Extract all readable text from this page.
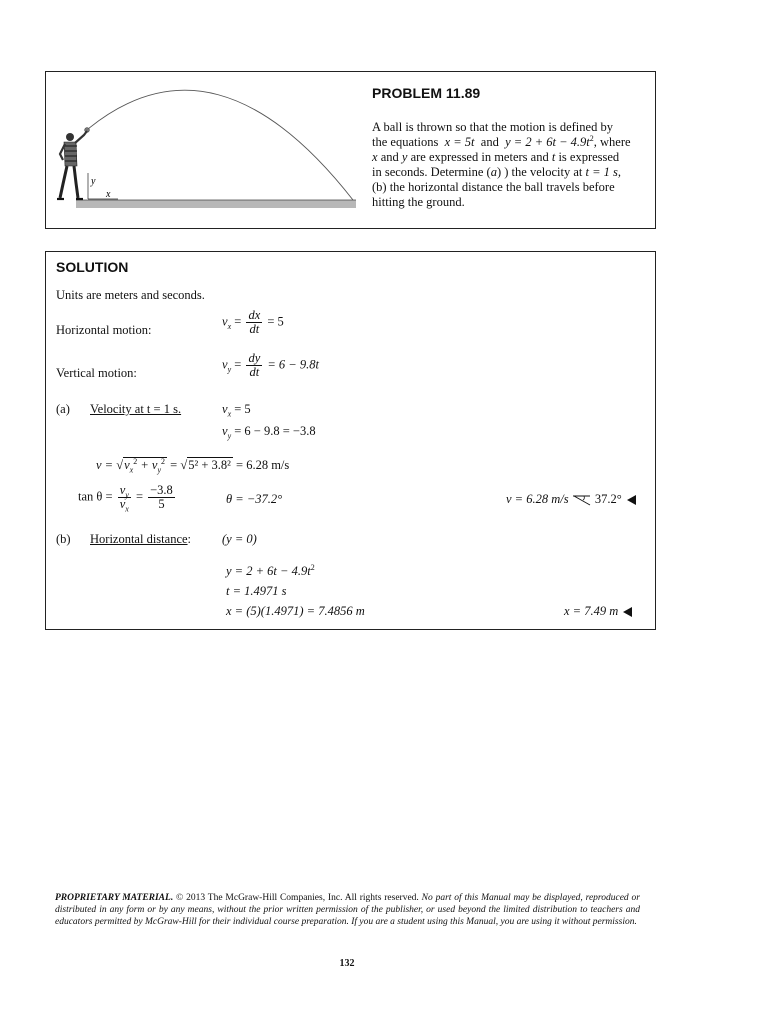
y
x
PROBLEM 11.89
A ball is thrown so that the motion is defined by
the equations x = 5t and $y = 2 + 6t - 4.9t^2$, where
x and y are expressed in meters and t is expressed
in seconds. Determine (a) ) the velocity at t = 1 s,
(b) the horizontal distance the ball travels before
hitting the ground.
SOLUTION
Units are meters and seconds.
Horizontal motion:
$v_x = \frac{dx}{dt} = 5$
Vertical motion:
$v_y = \frac{dy}{dt} = 6 - 9.8t$
(a) Velocity at t = 1 s.	$v_x = 5$
$v_y = 6 - 9.8 = -3.8$
$v = √v_x^2 + v_y^2 = √5^2 + 3.8^2 = 6.28$ m/s
$\tan \theta = \frac{v_y}{v_x} = \frac{-3.8}{5}$	θ = −37.2°	v = 6.28 m/s 37.2°
(b) Horizontal distance: (y = 0)
$y = 2 + 6t - 4.9t^2$
t = 1.4971 s
x = (5)(1.4971) = 7.4856 m	x = 7.49 m
PROPRIETARY MATERIAL. © 2013 The McGraw-Hill Companies, Inc. All rights reserved. No part of this Manual may be displayed, reproduced or distributed in any form or by any means, without the prior written permission of the publisher, or used beyond the limited distribution to teachers and educators permitted by McGraw-Hill for their individual course preparation. If you are a student using this Manual, you are using it without permission.
132
